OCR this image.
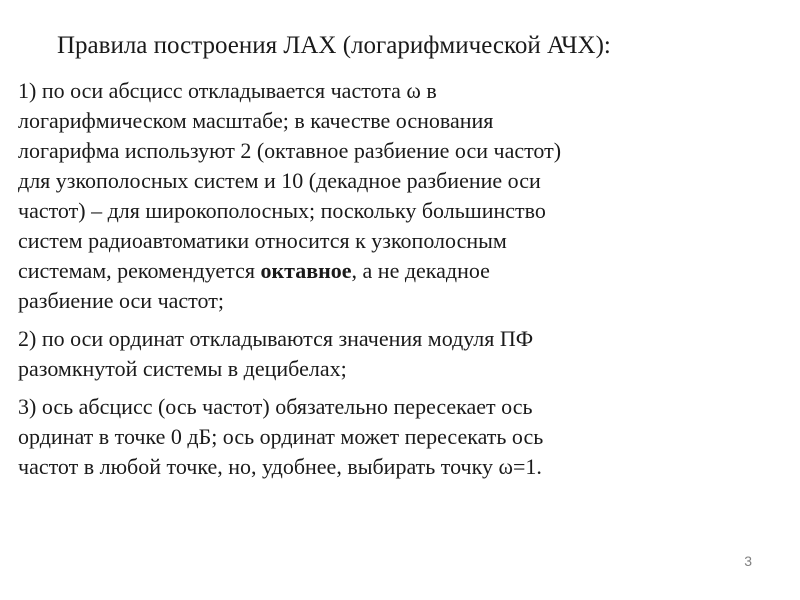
Правила построения ЛАХ (логарифмической АЧХ):
1) по оси абсцисс откладывается частота ω в
логарифмическом масштабе; в качестве основания
логарифма используют 2 (октавное разбиение оси частот)
для узкополосных систем и 10 (декадное разбиение оси
частот) – для широкополосных; поскольку большинство
систем радиоавтоматики относится к узкополосным
системам, рекомендуется октавное, а не декадное
разбиение оси частот;
2) по оси ординат откладываются значения модуля ПФ
разомкнутой системы в децибелах;
3) ось абсцисс (ось частот) обязательно пересекает ось
ординат в точке 0 дБ; ось ординат может пересекать ось
частот в любой точке, но, удобнее, выбирать точку ω=1.
3
